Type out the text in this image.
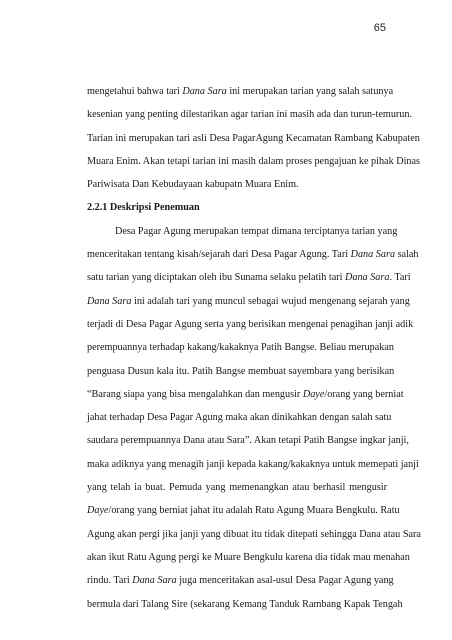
65
mengetahui bahwa tari Dana Sara ini merupakan tarian yang salah satunya
kesenian yang penting dilestarikan agar tarian ini masih ada dan turun-temurun.
Tarian ini merupakan tari asli Desa PagarAgung Kecamatan Rambang Kabupaten
Muara Enim. Akan tetapi tarian ini masih dalam proses pengajuan ke pihak Dinas
Pariwisata Dan Kebudayaan kabupatn Muara Enim.
2.2.1 Deskripsi Penemuan
Desa Pagar Agung merupakan tempat dimana terciptanya tarian yang
menceritakan tentang kisah/sejarah dari Desa Pagar Agung. Tari Dana Sara salah
satu tarian yang diciptakan oleh ibu Sunama selaku pelatih tari Dana Sara. Tari
Dana Sara ini adalah tari yang muncul sebagai wujud mengenang sejarah yang
terjadi di Desa Pagar Agung serta yang berisikan mengenai penagihan janji adik
perempuannya terhadap kakang/kakaknya Patih Bangse. Beliau merupakan
penguasa Dusun kala itu. Patih Bangse membuat sayembara yang berisikan
“Barang siapa yang bisa mengalahkan dan mengusir Daye/orang yang berniat
jahat terhadap Desa Pagar Agung maka akan dinikahkan dengan salah satu
saudara perempuannya Dana atau Sara”. Akan tetapi Patih Bangse ingkar janji,
maka adiknya yang menagih janji kepada kakang/kakaknya untuk memepati janji
yang telah ia buat. Pemuda yang memenangkan atau berhasil mengusir
Daye/orang yang berniat jahat itu adalah Ratu Agung Muara Bengkulu. Ratu
Agung akan pergi jika janji yang dibuat itu tidak ditepati sehingga Dana atau Sara
akan ikut Ratu Agung pergi ke Muare Bengkulu karena dia tidak mau menahan
rindu. Tari Dana Sara juga menceritakan asal-usul Desa Pagar Agung yang
bermula dari Talang Sire (sekarang Kemang Tanduk Rambang Kapak Tengah
